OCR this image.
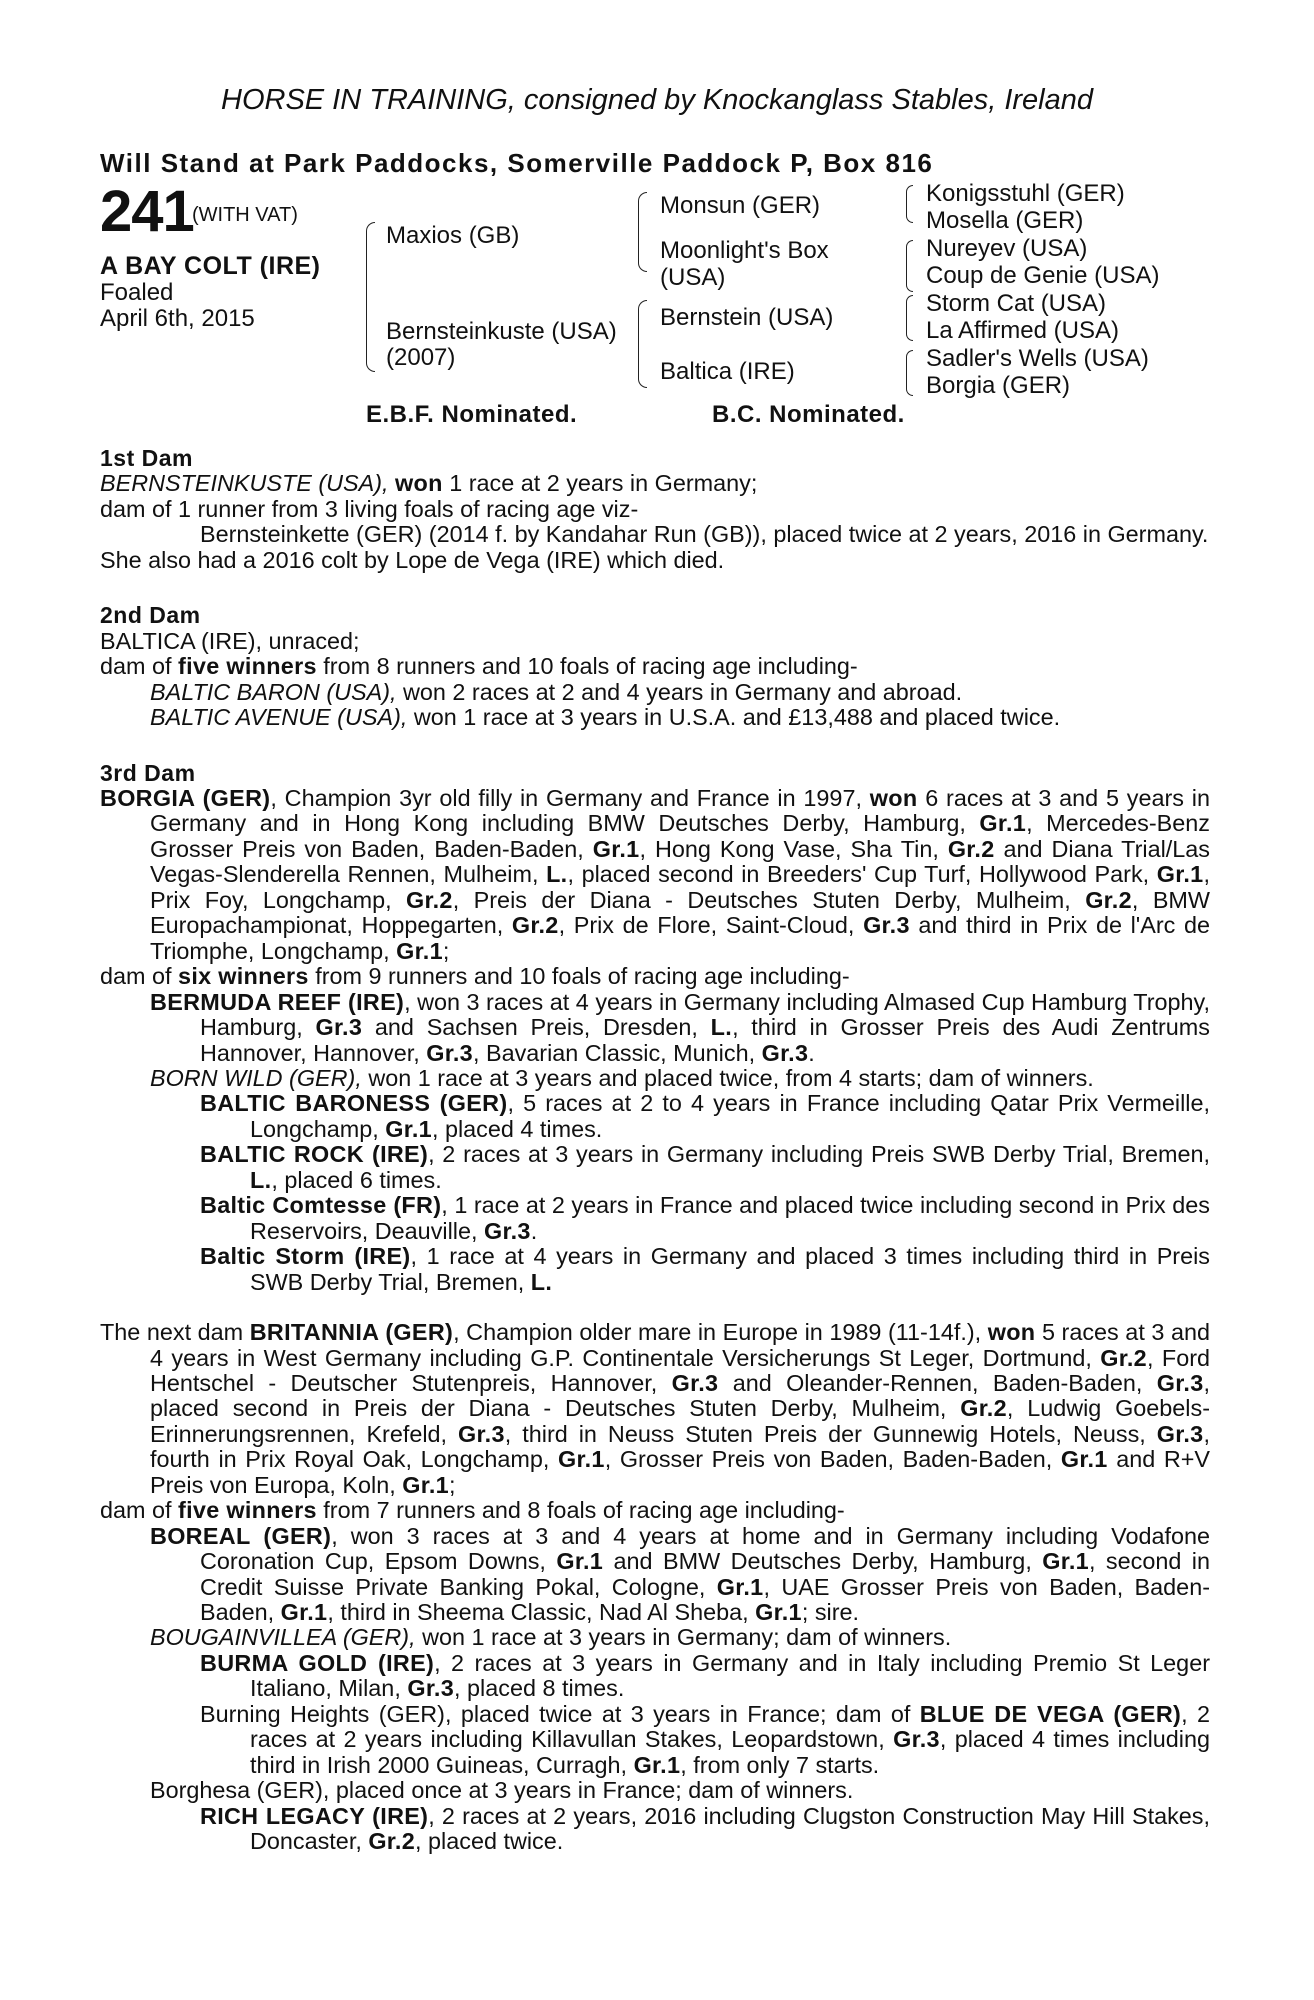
HORSE IN TRAINING, consigned by Knockanglass Stables, Ireland
Will Stand at Park Paddocks, Somerville Paddock P, Box 816
241
(WITH VAT)
A BAY COLT (IRE)
Foaled
April 6th, 2015
Maxios (GB)
Bernsteinkuste (USA)
(2007)
Monsun (GER)
Moonlight's Box
(USA)
Bernstein (USA)
Baltica (IRE)
Konigsstuhl (GER)
Mosella (GER)
Nureyev (USA)
Coup de Genie (USA)
Storm Cat (USA)
La Affirmed (USA)
Sadler's Wells (USA)
Borgia (GER)
E.B.F. Nominated.	B.C. Nominated.
1st Dam
BERNSTEINKUSTE (USA), won 1 race at 2 years in Germany;
dam of 1 runner from 3 living foals of racing age viz-
Bernsteinkette (GER) (2014 f. by Kandahar Run (GB)), placed twice at 2 years, 2016 in Germany.
She also had a 2016 colt by Lope de Vega (IRE) which died.
2nd Dam
BALTICA (IRE), unraced;
dam of five winners from 8 runners and 10 foals of racing age including-
BALTIC BARON (USA), won 2 races at 2 and 4 years in Germany and abroad.
BALTIC AVENUE (USA), won 1 race at 3 years in U.S.A. and £13,488 and placed twice.
3rd Dam
BORGIA (GER), Champion 3yr old filly in Germany and France in 1997, won 6 races at 3 and 5 years in Germany and in Hong Kong including BMW Deutsches Derby, Hamburg, Gr.1, Mercedes-Benz Grosser Preis von Baden, Baden-Baden, Gr.1, Hong Kong Vase, Sha Tin, Gr.2 and Diana Trial/Las Vegas-Slenderella Rennen, Mulheim, L., placed second in Breeders' Cup Turf, Hollywood Park, Gr.1, Prix Foy, Longchamp, Gr.2, Preis der Diana - Deutsches Stuten Derby, Mulheim, Gr.2, BMW Europachampionat, Hoppegarten, Gr.2, Prix de Flore, Saint-Cloud, Gr.3 and third in Prix de l'Arc de Triomphe, Longchamp, Gr.1;
dam of six winners from 9 runners and 10 foals of racing age including-
BERMUDA REEF (IRE), won 3 races at 4 years in Germany including Almased Cup Hamburg Trophy, Hamburg, Gr.3 and Sachsen Preis, Dresden, L., third in Grosser Preis des Audi Zentrums Hannover, Hannover, Gr.3, Bavarian Classic, Munich, Gr.3.
BORN WILD (GER), won 1 race at 3 years and placed twice, from 4 starts; dam of winners.
BALTIC BARONESS (GER), 5 races at 2 to 4 years in France including Qatar Prix Vermeille, Longchamp, Gr.1, placed 4 times.
BALTIC ROCK (IRE), 2 races at 3 years in Germany including Preis SWB Derby Trial, Bremen, L., placed 6 times.
Baltic Comtesse (FR), 1 race at 2 years in France and placed twice including second in Prix des Reservoirs, Deauville, Gr.3.
Baltic Storm (IRE), 1 race at 4 years in Germany and placed 3 times including third in Preis SWB Derby Trial, Bremen, L.
The next dam BRITANNIA (GER), Champion older mare in Europe in 1989 (11-14f.), won 5 races at 3 and 4 years in West Germany including G.P. Continentale Versicherungs St Leger, Dortmund, Gr.2, Ford Hentschel - Deutscher Stutenpreis, Hannover, Gr.3 and Oleander-Rennen, Baden-Baden, Gr.3, placed second in Preis der Diana - Deutsches Stuten Derby, Mulheim, Gr.2, Ludwig Goebels-Erinnerungsrennen, Krefeld, Gr.3, third in Neuss Stuten Preis der Gunnewig Hotels, Neuss, Gr.3, fourth in Prix Royal Oak, Longchamp, Gr.1, Grosser Preis von Baden, Baden-Baden, Gr.1 and R+V Preis von Europa, Koln, Gr.1;
dam of five winners from 7 runners and 8 foals of racing age including-
BOREAL (GER), won 3 races at 3 and 4 years at home and in Germany including Vodafone Coronation Cup, Epsom Downs, Gr.1 and BMW Deutsches Derby, Hamburg, Gr.1, second in Credit Suisse Private Banking Pokal, Cologne, Gr.1, UAE Grosser Preis von Baden, Baden-Baden, Gr.1, third in Sheema Classic, Nad Al Sheba, Gr.1; sire.
BOUGAINVILLEA (GER), won 1 race at 3 years in Germany; dam of winners.
BURMA GOLD (IRE), 2 races at 3 years in Germany and in Italy including Premio St Leger Italiano, Milan, Gr.3, placed 8 times.
Burning Heights (GER), placed twice at 3 years in France; dam of BLUE DE VEGA (GER), 2 races at 2 years including Killavullan Stakes, Leopardstown, Gr.3, placed 4 times including third in Irish 2000 Guineas, Curragh, Gr.1, from only 7 starts.
Borghesa (GER), placed once at 3 years in France; dam of winners.
RICH LEGACY (IRE), 2 races at 2 years, 2016 including Clugston Construction May Hill Stakes, Doncaster, Gr.2, placed twice.
